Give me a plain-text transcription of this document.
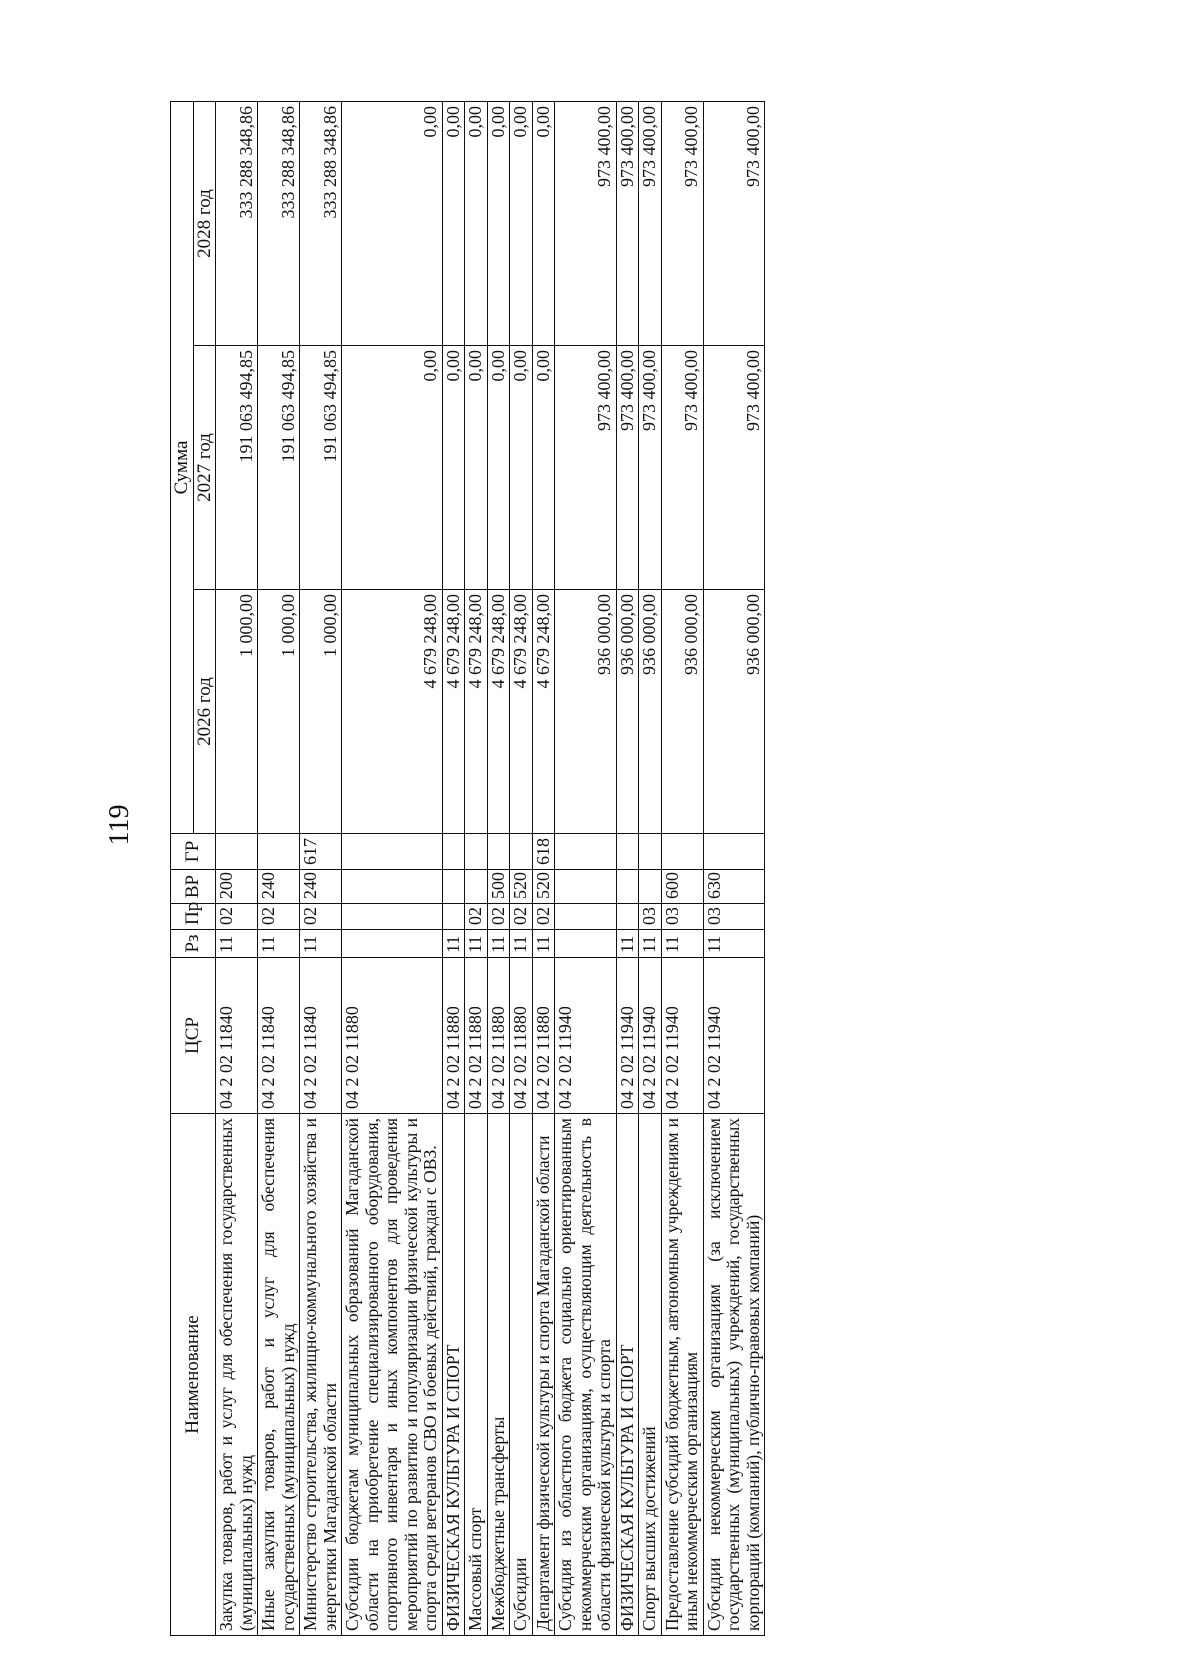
119
Наименование	ЦСР	Рз	Пр	ВР	ГР	Сумма		
						2026 год	2027 год	2028 год
Закупка товаров, работ и услуг для обеспечения государственных (муниципальных) нужд	04 2 02 11840	11	02	200		1 000,00	191 063 494,85	333 288 348,86
Иные закупки товаров, работ и услуг для обеспечения государственных (муниципальных) нужд	04 2 02 11840	11	02	240		1 000,00	191 063 494,85	333 288 348,86
Министерство строительства, жилищно-коммунального хозяйства и энергетики Магаданской области	04 2 02 11840	11	02	240	617	1 000,00	191 063 494,85	333 288 348,86
Субсидии бюджетам муниципальных образований Магаданской области на приобретение специализированного оборудования, спортивного инвентаря и иных компонентов для проведения мероприятий по развитию и популяризации физической культуры и спорта среди ветеранов СВО и боевых действий, граждан с ОВЗ.	04 2 02 11880					4 679 248,00	0,00	0,00
ФИЗИЧЕСКАЯ КУЛЬТУРА И СПОРТ	04 2 02 11880	11				4 679 248,00	0,00	0,00
Массовый спорт	04 2 02 11880	11	02			4 679 248,00	0,00	0,00
Межбюджетные трансферты	04 2 02 11880	11	02	500		4 679 248,00	0,00	0,00
Субсидии	04 2 02 11880	11	02	520		4 679 248,00	0,00	0,00
Департамент физической культуры и спорта Магаданской области	04 2 02 11880	11	02	520	618	4 679 248,00	0,00	0,00
Субсидия из областного бюджета социально ориентированным некоммерческим организациям, осуществляющим деятельность в области физической культуры и спорта	04 2 02 11940					936 000,00	973 400,00	973 400,00
ФИЗИЧЕСКАЯ КУЛЬТУРА И СПОРТ	04 2 02 11940	11				936 000,00	973 400,00	973 400,00
Спорт высших достижений	04 2 02 11940	11	03			936 000,00	973 400,00	973 400,00
Предоставление субсидий бюджетным, автономным учреждениям и иным некоммерческим организациям	04 2 02 11940	11	03	600		936 000,00	973 400,00	973 400,00
Субсидии некоммерческим организациям (за исключением государственных (муниципальных) учреждений, государственных корпораций (компаний), публично-правовых компаний)	04 2 02 11940	11	03	630		936 000,00	973 400,00	973 400,00
